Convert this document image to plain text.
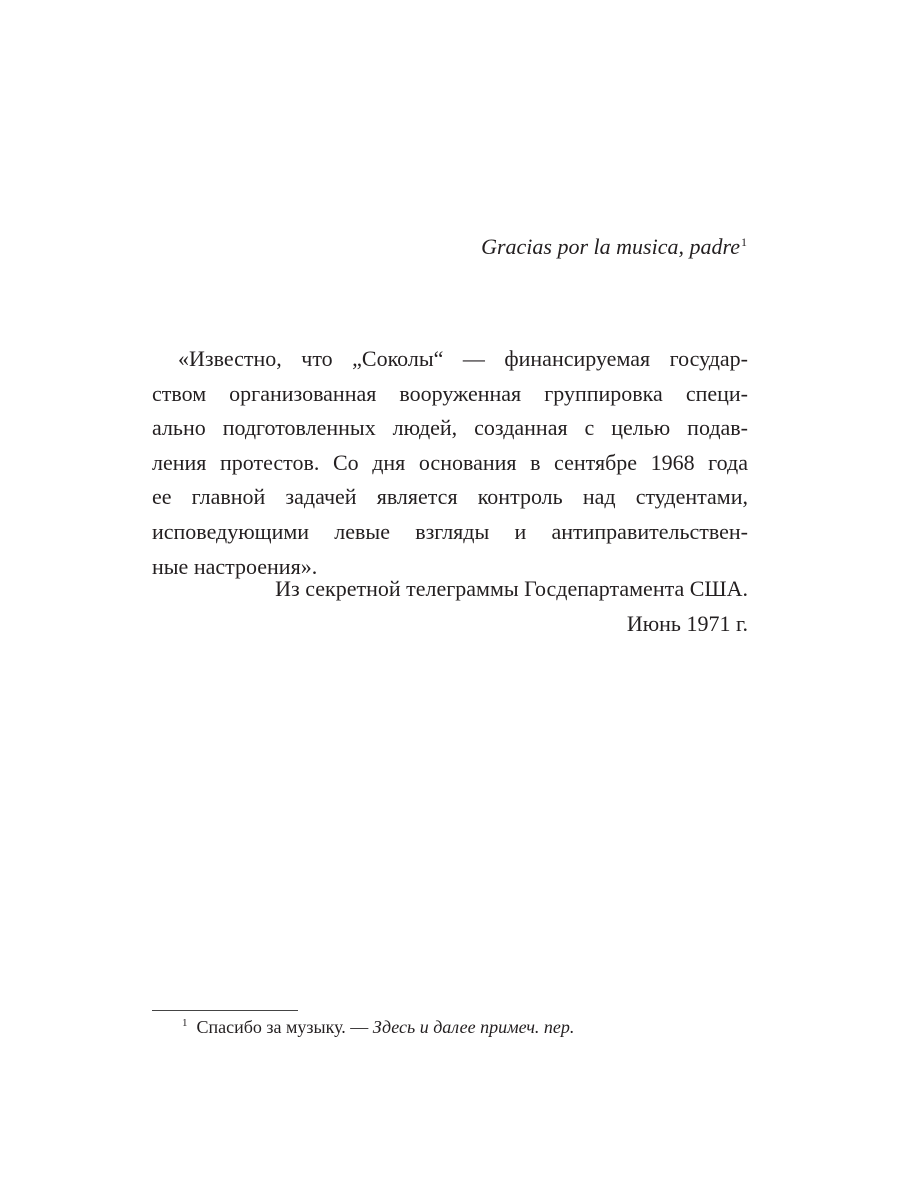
Gracias por la musica, padre$^1$
«Известно, что „Соколы“ — финансируемая государ-
ством организованная вооруженная группировка специ-
ально подготовленных людей, созданная с целью подав-
ления протестов. Со дня основания в сентябре 1968 года
ее главной задачей является контроль над студентами,
исповедующими левые взгляды и антиправительствен-
ные настроения».
Из секретной телеграммы Госдепартамента США.
Июнь 1971 г.
$^1$ Спасибо за музыку. — Здесь и далее примеч. пер.
